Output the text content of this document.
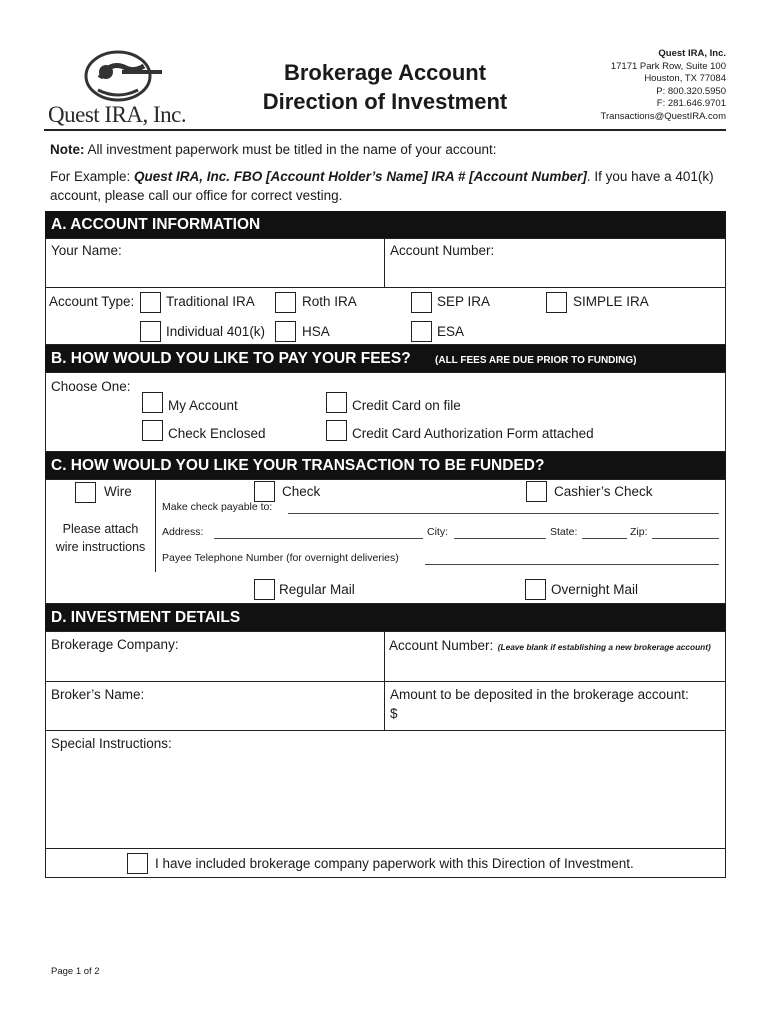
Quest IRA, Inc.
Brokerage Account
Direction of Investment
Quest IRA, Inc.
17171 Park Row, Suite 100
Houston, TX 77084
P: 800.320.5950
F: 281.646.9701
Transactions@QuestIRA.com
Note: All investment paperwork must be titled in the name of your account:
For Example: Quest IRA, Inc. FBO [Account Holder’s Name] IRA # [Account Number]. If you have a 401(k)
account, please call our office for correct vesting.
A. ACCOUNT INFORMATION
Your Name:	Account Number:
Account Type: Traditional IRA	Roth IRA	SEP IRA	SIMPLE IRA
Individual 401(k)	HSA	ESA
B. HOW WOULD YOU LIKE TO PAY YOUR FEES? (ALL FEES ARE DUE PRIOR TO FUNDING)
Choose One:
My Account	Credit Card on file
Check Enclosed	Credit Card Authorization Form attached
C. HOW WOULD YOU LIKE YOUR TRANSACTION TO BE FUNDED?
Wire
Please attach
wire instructions
Check	Cashier’s Check
Make check payable to:
Address:	City:	State:	Zip:
Payee Telephone Number (for overnight deliveries)
Regular Mail	Overnight Mail
D. INVESTMENT DETAILS
Brokerage Company:	Account Number: (Leave blank if establishing a new brokerage account)
Broker’s Name:	Amount to be deposited in the brokerage account:
$
Special Instructions:
I have included brokerage company paperwork with this Direction of Investment.
Page 1 of 2
